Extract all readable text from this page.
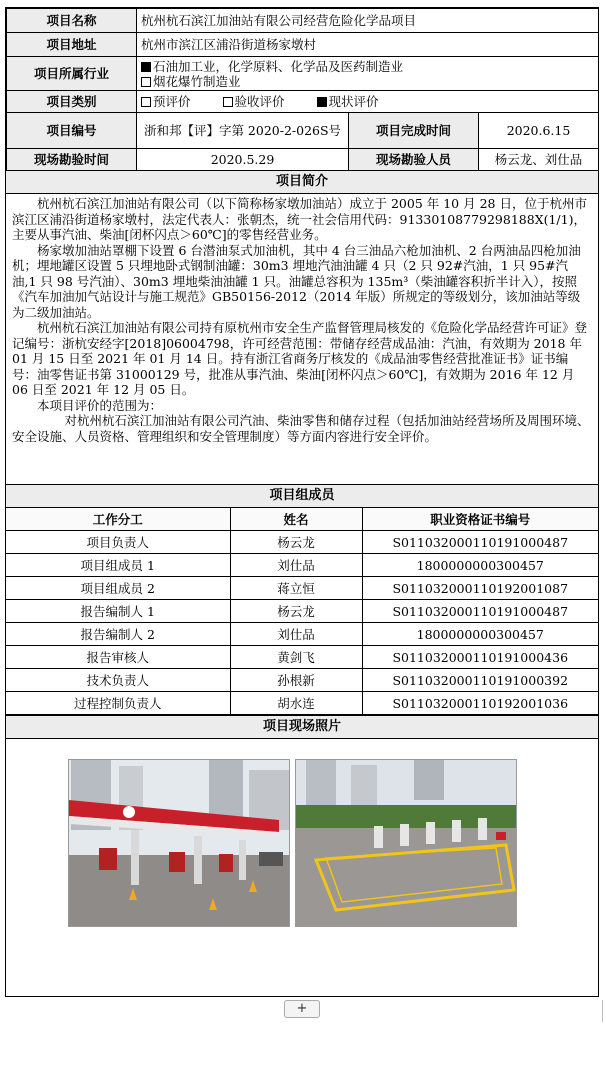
项目名称	杭州杭石滨江加油站有限公司经营危险化学品项目		
项目地址	杭州市滨江区浦沿街道杨家墩村		
项目所属行业	石油加工业，化学原料、化学品及医药制造业
烟花爆竹制造业		

项目类别	预评价 验收评价 现状评价		
项目编号	浙和邦【评】字第 2020-2-026S号	项目完成时间	2020.6.15
现场勘验时间	2020.5.29	现场勘验人员	杨云龙、刘仕品
项目简介

杭州杭石滨江加油站有限公司（以下简称杨家墩加油站）成立于 2005 年 10 月 28 日，位于杭州市滨江区浦沿街道杨家墩村，法定代表人：张朝杰，统一社会信用代码：91330108779298188X(1/1)，主要从事汽油、柴油[闭杯闪点＞60℃]的零售经营业务。

杨家墩加油站罩棚下设置 6 台潜油泵式加油机，其中 4 台三油品六枪加油机、2 台两油品四枪加油机；埋地罐区设置 5 只埋地卧式钢制油罐：30m3 埋地汽油油罐 4 只（2 只 92#汽油，1 只 95#汽油,1 只 98 号汽油）、30m3 埋地柴油油罐 1 只。油罐总容积为 135m³（柴油罐容积折半计入），按照《汽车加油加气站设计与施工规范》GB50156-2012（2014 年版）所规定的等级划分，该加油站等级为二级加油站。

杭州杭石滨江加油站有限公司持有原杭州市安全生产监督管理局核发的《危险化学品经营许可证》登记编号：浙杭安经字[2018]06004798，许可经营范围：带储存经营成品油：汽油，有效期为 2018 年 01 月 15 日至 2021 年 01 月 14 日。持有浙江省商务厅核发的《成品油零售经营批准证书》证书编号：油零售证书第 31000129 号，批准从事汽油、柴油[闭杯闪点＞60℃]，有效期为 2016 年 12 月 06 日至 2021 年 12 月 05 日。

本项目评价的范围为：

对杭州杭石滨江加油站有限公司汽油、柴油零售和储存过程（包括加油站经营场所及周围环境、安全设施、人员资格、管理组织和安全管理制度）等方面内容进行安全评价。

项目组成员
工作分工	姓名	职业资格证书编号
项目负责人	杨云龙	S011032000110191000487
项目组成员 1	刘仕品	1800000000300457
项目组成员 2	蒋立恒	S011032000110192001087
报告编制人 1	杨云龙	S011032000110191000487
报告编制人 2	刘仕品	1800000000300457
报告审核人	黄剑飞	S011032000110191000436
技术负责人	孙根新	S011032000110191000392
过程控制负责人	胡水连	S011032000110192001036
项目现场照片
+
